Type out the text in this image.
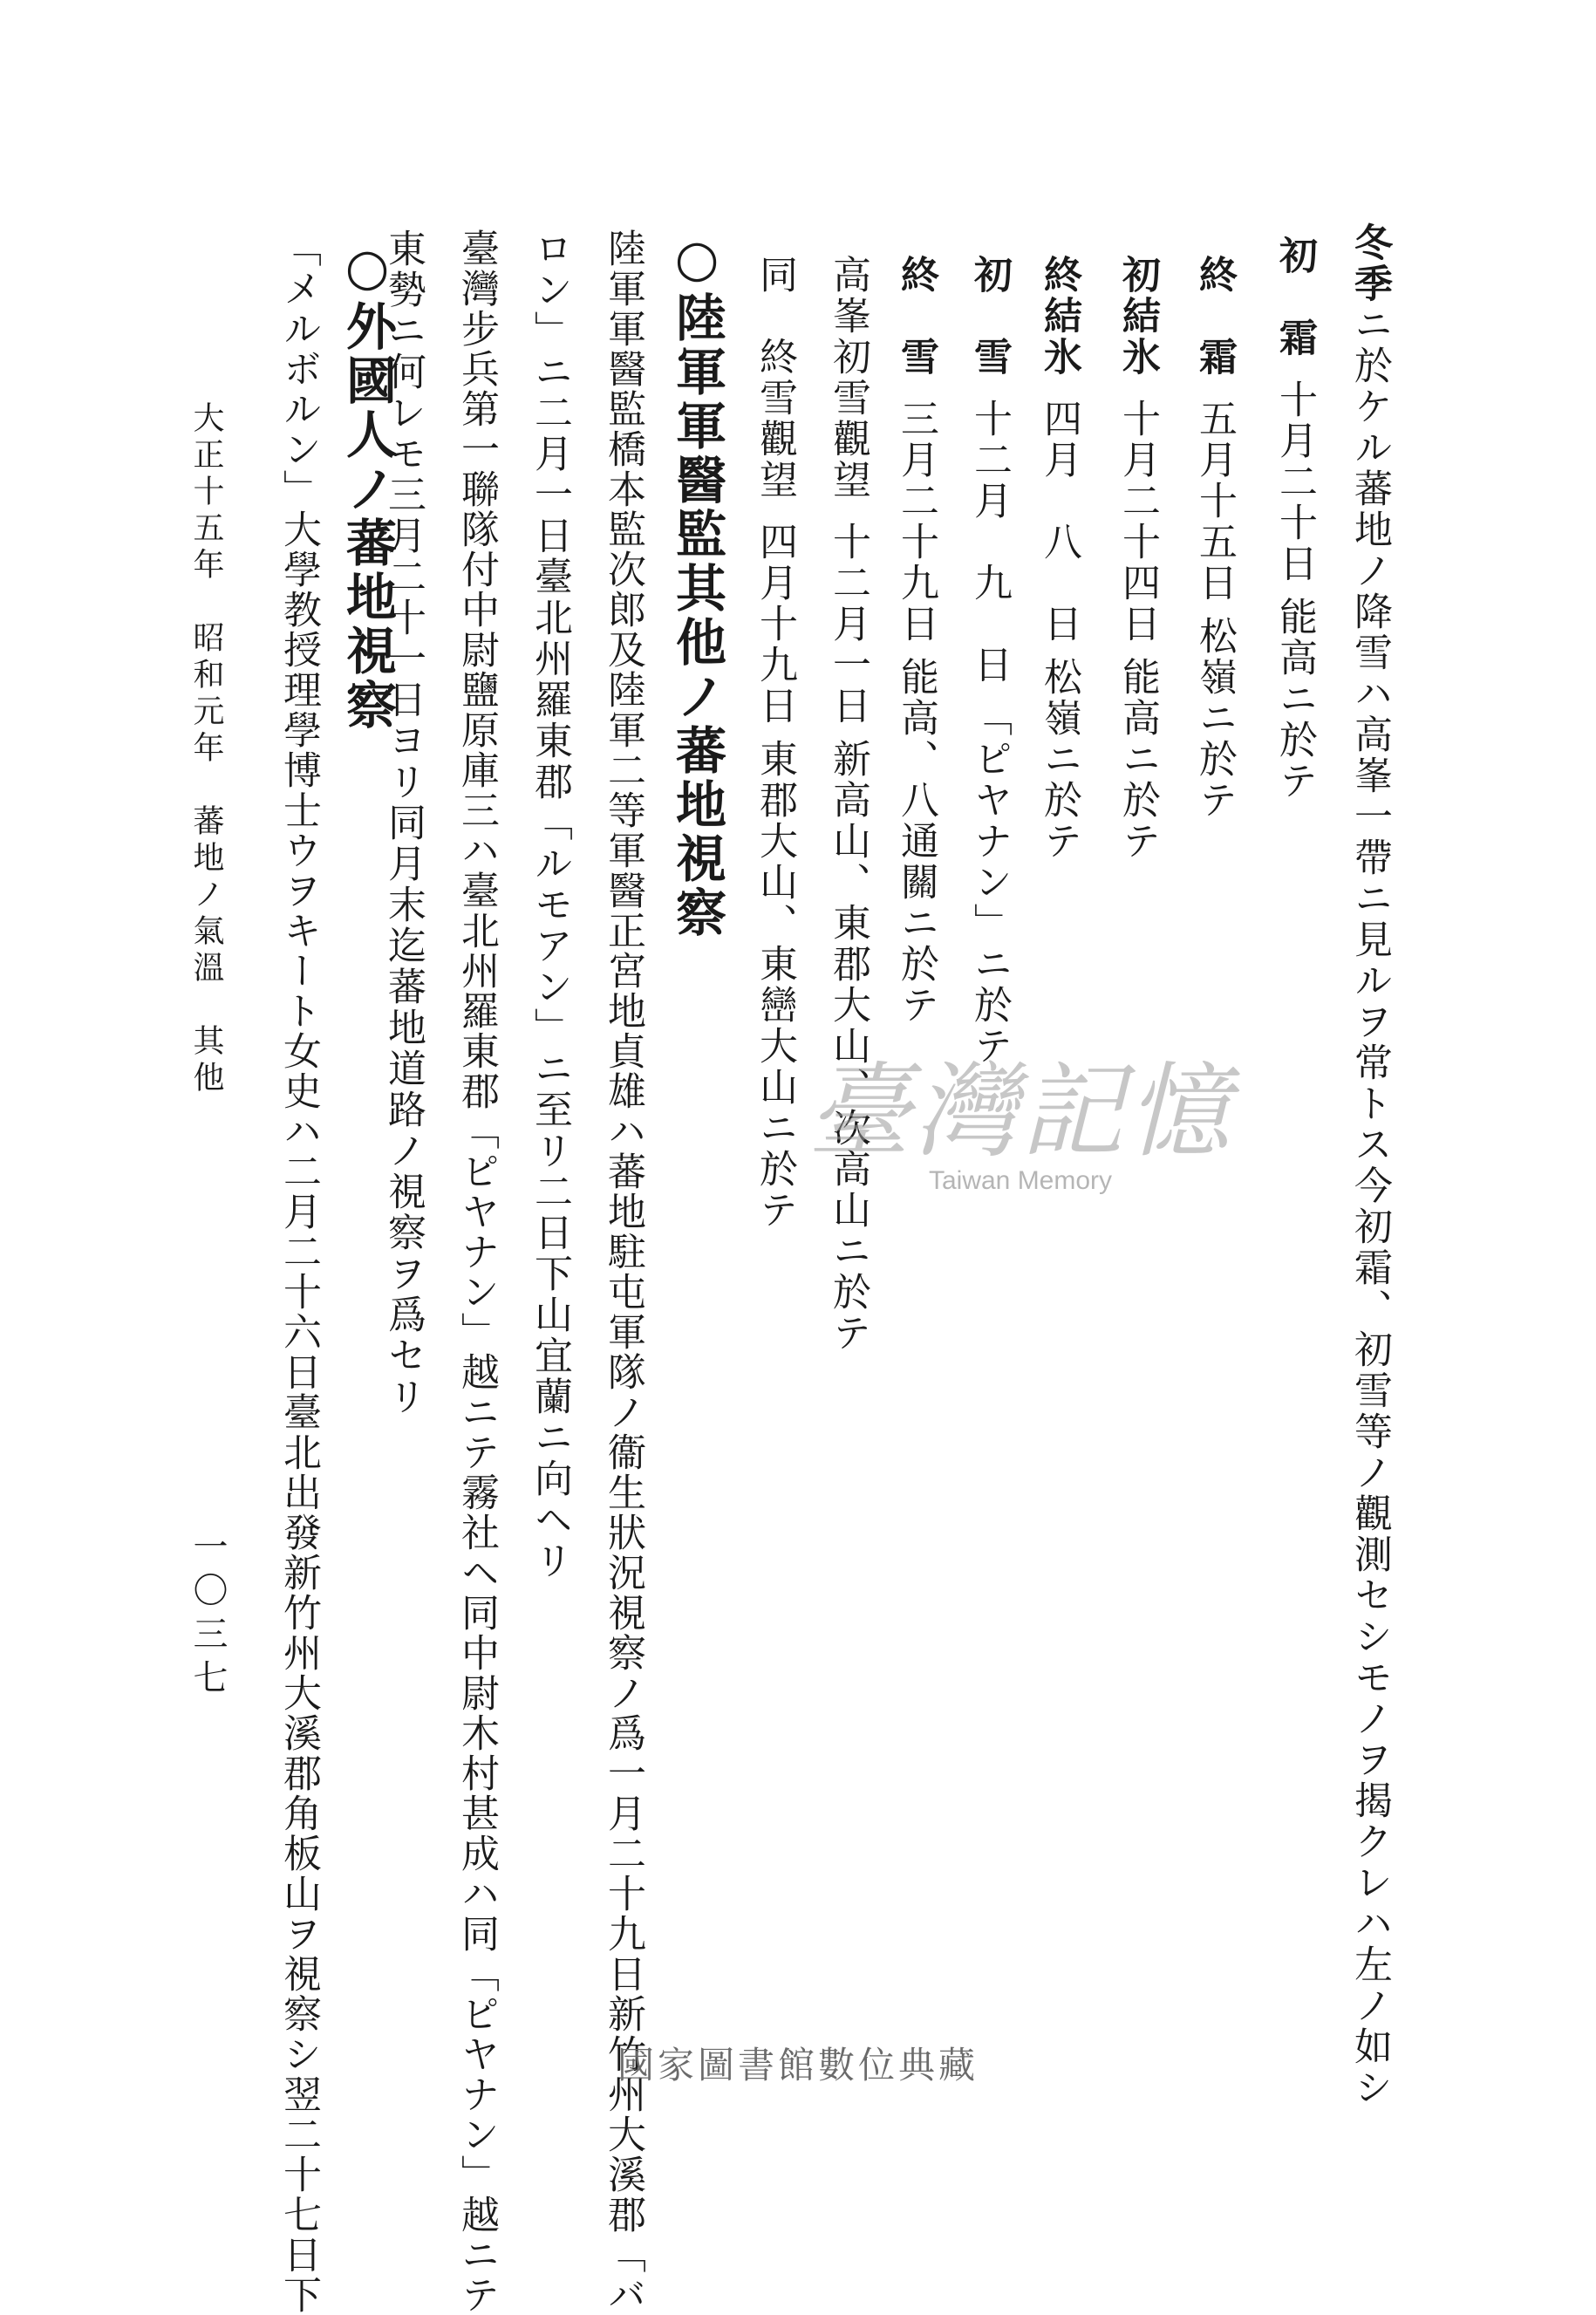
冬季ニ於ケル蕃地ノ降雪ハ高峯一帶ニ見ルヲ常トス今初霜、初雪等ノ觀測セシモノヲ揭クレハ左ノ如シ
初　霜十月二十日能高ニ於テ
終　霜五月十五日松嶺ニ於テ
初結氷十月二十四日能高ニ於テ
終結氷四月　八　日松嶺ニ於テ
初　雪十二月　九　日「ピヤナン」ニ於テ
終　雪三月二十九日能高、八通關ニ於テ
高峯初雪觀望十二月一日新高山、東郡大山、次高山ニ於テ
同　終雪觀望四月十九日東郡大山、東巒大山ニ於テ
○陸軍軍醫監其他ノ蕃地視察
陸軍軍醫監橋本監次郎及陸軍二等軍醫正宮地貞雄ハ蕃地駐屯軍隊ノ衞生狀況視察ノ爲一月二十九日新竹州大溪郡「バ
ロン」ニ二月一日臺北州羅東郡「ルモアン」ニ至リ二日下山宜蘭ニ向ヘリ
臺灣步兵第一聯隊付中尉鹽原庫三ハ臺北州羅東郡「ピヤナン」越ニテ霧社ヘ同中尉木村甚成ハ同「ピヤナン」越ニテ
東勢ニ何レモ三月二十一日ヨリ同月末迄蕃地道路ノ視察ヲ爲セリ
○外國人ノ蕃地視察
「メルボルン」大學教授理學博士ウヲキート女史ハ二月二十六日臺北出發新竹州大溪郡角板山ヲ視察シ翌二十七日下
大正十五年　昭和元年　蕃地ノ氣溫　其他
一〇三七
臺灣記憶
Taiwan Memory
國家圖書館數位典藏
